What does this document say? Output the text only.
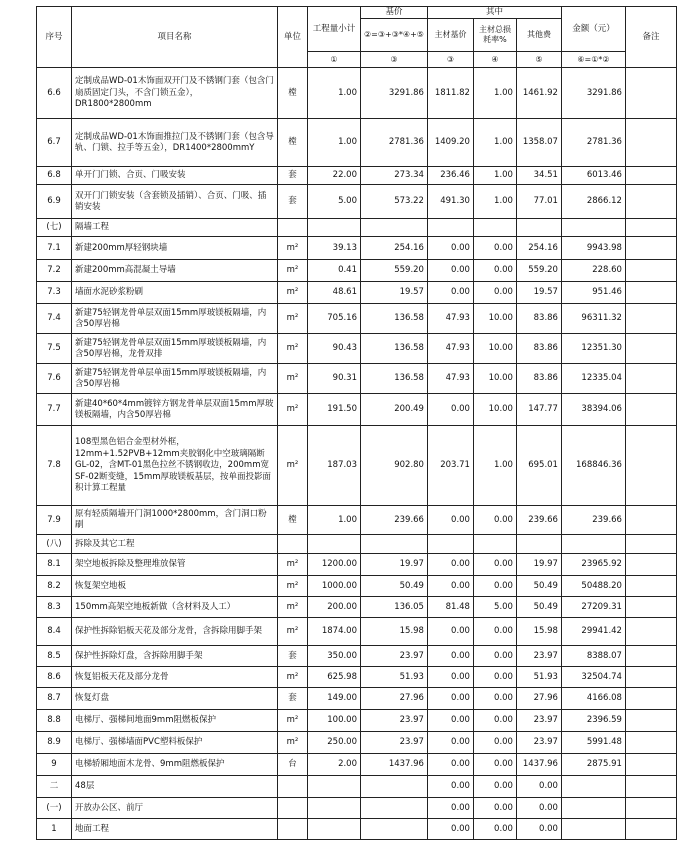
序号	项目名称	单位	工程量小计	基价	其中			金额（元）	备注
				②=③+③*④+⑤	主材基价	主材总损耗率%	其他费		
			①	③	③	④	⑤	⑥=①*②	
6.6	定制成品WD-01木饰面双开门及不锈钢门套（包含门扇质固定门头，不含门锁五金），DR1800*2800mm	樘	1.00	3291.86	1811.82	1.00	1461.92	3291.86	
6.7	定制成品WD-01木饰面推拉门及不锈钢门套（包含导轨、门锁、拉手等五金），DR1400*2800mmY	樘	1.00	2781.36	1409.20	1.00	1358.07	2781.36	
6.8	单开门门锁、合页、门吸安装	套	22.00	273.34	236.46	1.00	34.51	6013.46	
6.9	双开门门锁安装（含套锁及插销）、合页、门吸、插销安装	套	5.00	573.22	491.30	1.00	77.01	2866.12	
(七)	隔墙工程								
7.1	新建200mm厚轻钢块墙	m²	39.13	254.16	0.00	0.00	254.16	9943.98	
7.2	新建200mm高混凝土导墙	m²	0.41	559.20	0.00	0.00	559.20	228.60	
7.3	墙面水泥砂浆粉刷	m²	48.61	19.57	0.00	0.00	19.57	951.46	
7.4	新建75轻钢龙骨单层双面15mm厚玻镁板隔墙，内含50厚岩棉	m²	705.16	136.58	47.93	10.00	83.86	96311.32	
7.5	新建75轻钢龙骨单层双面15mm厚玻镁板隔墙，内含50厚岩棉，龙骨双排	m²	90.43	136.58	47.93	10.00	83.86	12351.30	
7.6	新建75轻钢龙骨单层单面15mm厚玻镁板隔墙，内含50厚岩棉	m²	90.31	136.58	47.93	10.00	83.86	12335.04	
7.7	新建40*60*4mm镀锌方钢龙骨单层双面15mm厚玻镁板隔墙，内含50厚岩棉	m²	191.50	200.49	0.00	10.00	147.77	38394.06	
7.8	108型黑色铝合金型材外框，12mm+1.52PVB+12mm夹胶钢化中空玻璃隔断GL-02，含MT-01黑色拉丝不锈钢收边，200mm宽SF-02断变缝，15mm厚玻镁板基层，按单面投影面积计算工程量	m²	187.03	902.80	203.71	1.00	695.01	168846.36	
7.9	原有轻质隔墙开门洞1000*2800mm，含门洞口粉刷	樘	1.00	239.66	0.00	0.00	239.66	239.66	
(八)	拆除及其它工程								
8.1	架空地板拆除及整理堆放保管	m²	1200.00	19.97	0.00	0.00	19.97	23965.92	
8.2	恢复架空地板	m²	1000.00	50.49	0.00	0.00	50.49	50488.20	
8.3	150mm高架空地板新做（含材料及人工）	m²	200.00	136.05	81.48	5.00	50.49	27209.31	
8.4	保护性拆除铝板天花及部分龙骨，含拆除用脚手架	m²	1874.00	15.98	0.00	0.00	15.98	29941.42	
8.5	保护性拆除灯盘，含拆除用脚手架	套	350.00	23.97	0.00	0.00	23.97	8388.07	
8.6	恢复铝板天花及部分龙骨	m²	625.98	51.93	0.00	0.00	51.93	32504.74	
8.7	恢复灯盘	套	149.00	27.96	0.00	0.00	27.96	4166.08	
8.8	电梯厅、强梯间地面9mm阻燃板保护	m²	100.00	23.97	0.00	0.00	23.97	2396.59	
8.9	电梯厅、强梯墙面PVC塑料板保护	m²	250.00	23.97	0.00	0.00	23.97	5991.48	
9	电梯轿厢地面木龙骨、9mm阻燃板保护	台	2.00	1437.96	0.00	0.00	1437.96	2875.91	
二	48层				0.00	0.00	0.00		
(一)	开放办公区、前厅				0.00	0.00	0.00		
1	地面工程				0.00	0.00	0.00		
